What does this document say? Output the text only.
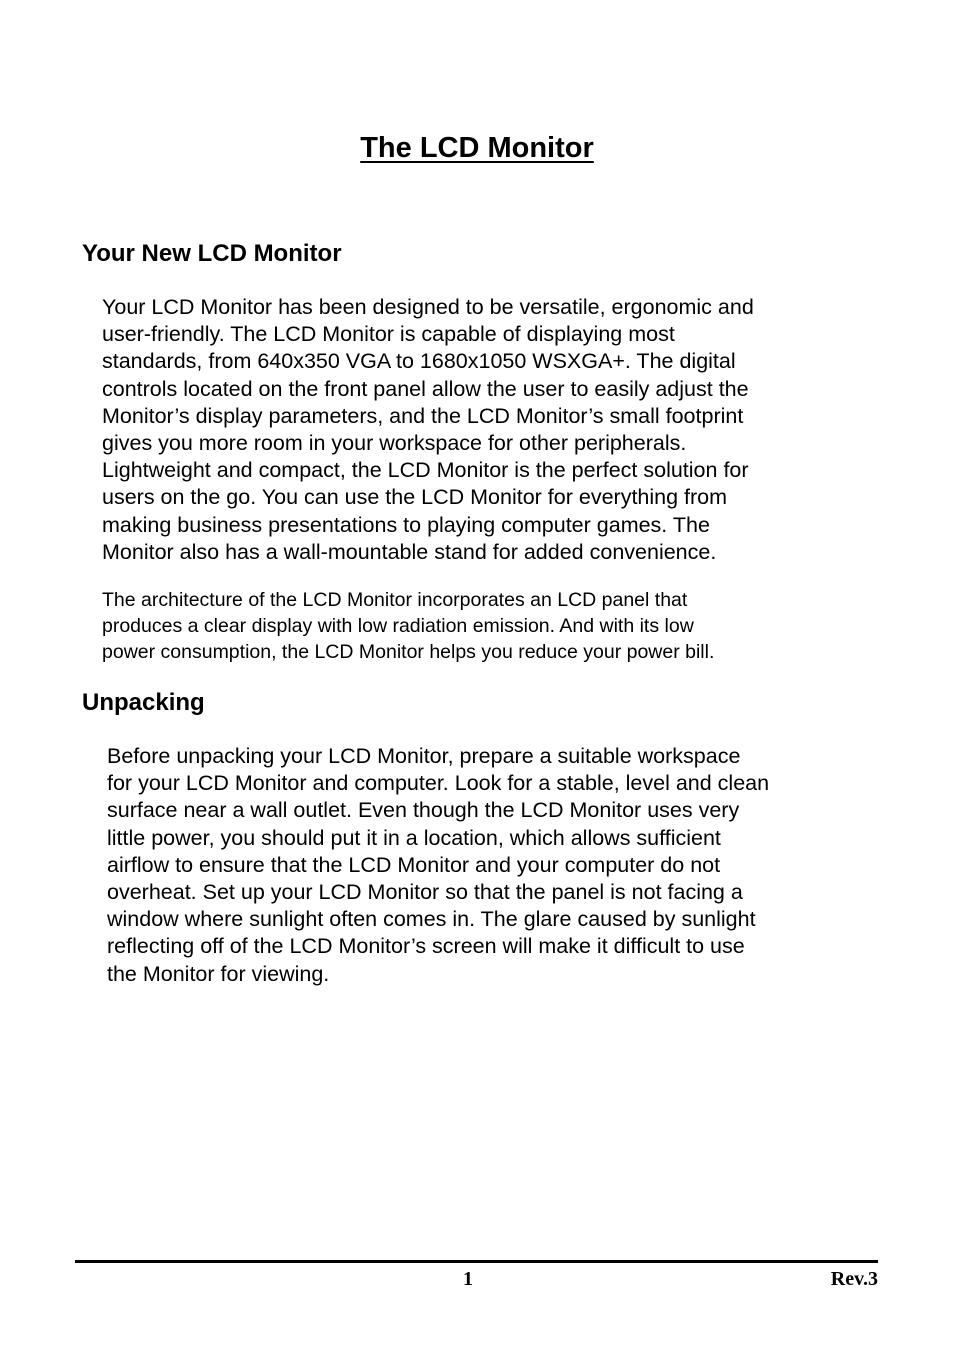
The LCD Monitor
Your New LCD Monitor

Your LCD Monitor has been designed to be versatile, ergonomic and
user-friendly. The LCD Monitor is capable of displaying most
standards, from 640x350 VGA to 1680x1050 WSXGA+. The digital
controls located on the front panel allow the user to easily adjust the
Monitor’s display parameters, and the LCD Monitor’s small footprint
gives you more room in your workspace for other peripherals.
Lightweight and compact, the LCD Monitor is the perfect solution for
users on the go. You can use the LCD Monitor for everything from
making business presentations to playing computer games. The
Monitor also has a wall-mountable stand for added convenience.

The architecture of the LCD Monitor incorporates an LCD panel that
produces a clear display with low radiation emission. And with its low
power consumption, the LCD Monitor helps you reduce your power bill.

Unpacking

Before unpacking your LCD Monitor, prepare a suitable workspace
for your LCD Monitor and computer. Look for a stable, level and clean
surface near a wall outlet. Even though the LCD Monitor uses very
little power, you should put it in a location, which allows sufficient
airflow to ensure that the LCD Monitor and your computer do not
overheat. Set up your LCD Monitor so that the panel is not facing a
window where sunlight often comes in. The glare caused by sunlight
reflecting off of the LCD Monitor’s screen will make it difficult to use
the Monitor for viewing.

1	Rev.3
